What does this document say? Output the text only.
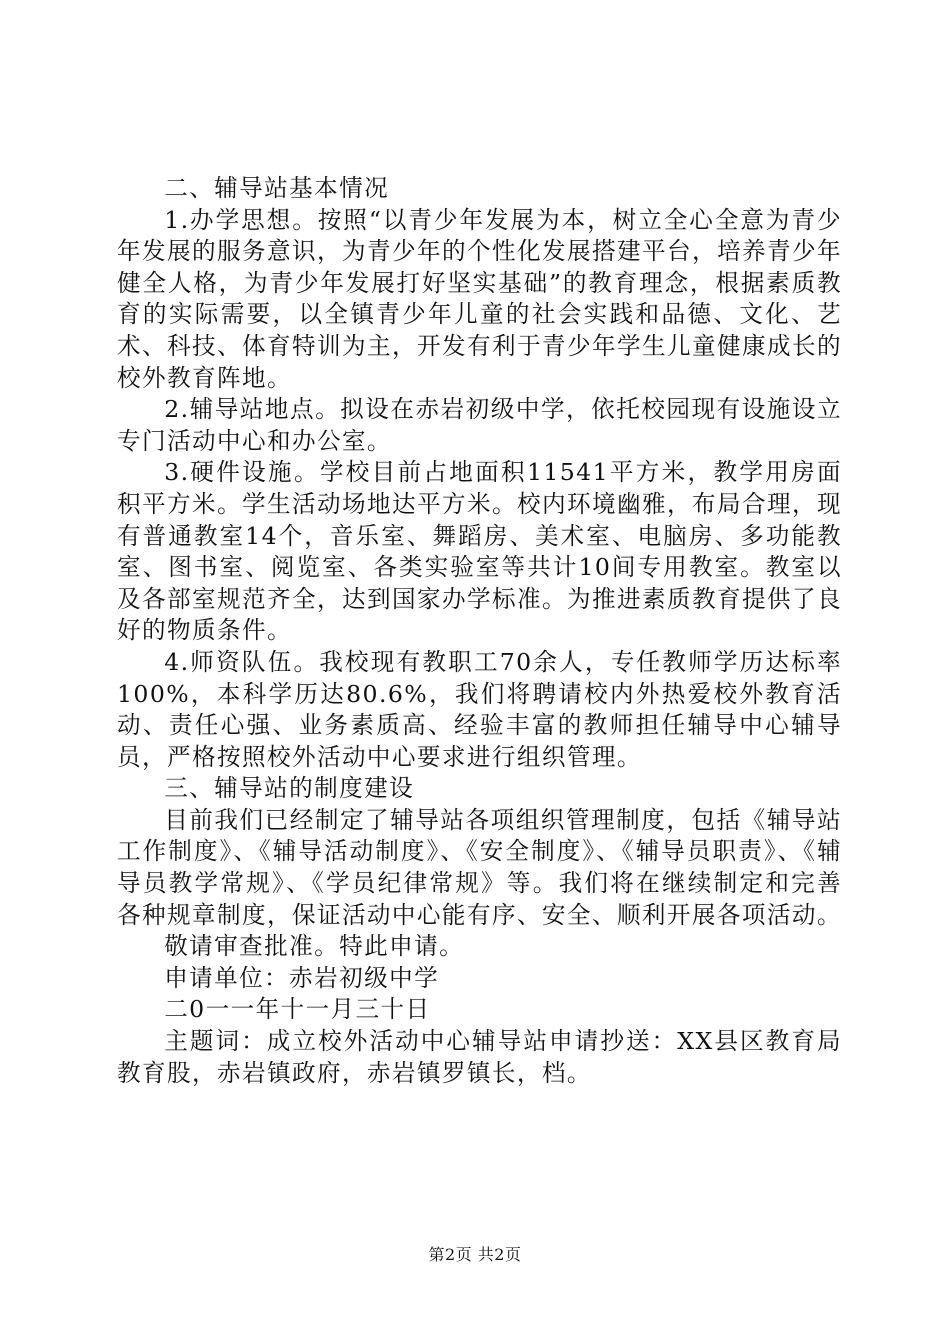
二、辅导站基本情况

1.办学思想。按照“以青少年发展为本，树立全心全意为青少年发展的服务意识，为青少年的个性化发展搭建平台，培养青少年健全人格，为青少年发展打好坚实基础”的教育理念，根据素质教育的实际需要，以全镇青少年儿童的社会实践和品德、文化、艺术、科技、体育特训为主，开发有利于青少年学生儿童健康成长的校外教育阵地。

2.辅导站地点。拟设在赤岩初级中学，依托校园现有设施设立专门活动中心和办公室。

3.硬件设施。学校目前占地面积11541平方米，教学用房面积平方米。学生活动场地达平方米。校内环境幽雅，布局合理，现有普通教室14个，音乐室、舞蹈房、美术室、电脑房、多功能教室、图书室、阅览室、各类实验室等共计10间专用教室。教室以及各部室规范齐全，达到国家办学标准。为推进素质教育提供了良好的物质条件。

4.师资队伍。我校现有教职工70余人，专任教师学历达标率100%，本科学历达80.6%，我们将聘请校内外热爱校外教育活动、责任心强、业务素质高、经验丰富的教师担任辅导中心辅导员，严格按照校外活动中心要求进行组织管理。

三、辅导站的制度建设

目前我们已经制定了辅导站各项组织管理制度，包括《辅导站工作制度》、《辅导活动制度》、《安全制度》、《辅导员职责》、《辅导员教学常规》、《学员纪律常规》等。我们将在继续制定和完善各种规章制度，保证活动中心能有序、安全、顺利开展各项活动。

敬请审查批准。特此申请。

申请单位：赤岩初级中学

二0一一年十一月三十日

主题词：成立校外活动中心辅导站申请抄送：XX县区教育局教育股，赤岩镇政府，赤岩镇罗镇长，档。

第2页 共2页
